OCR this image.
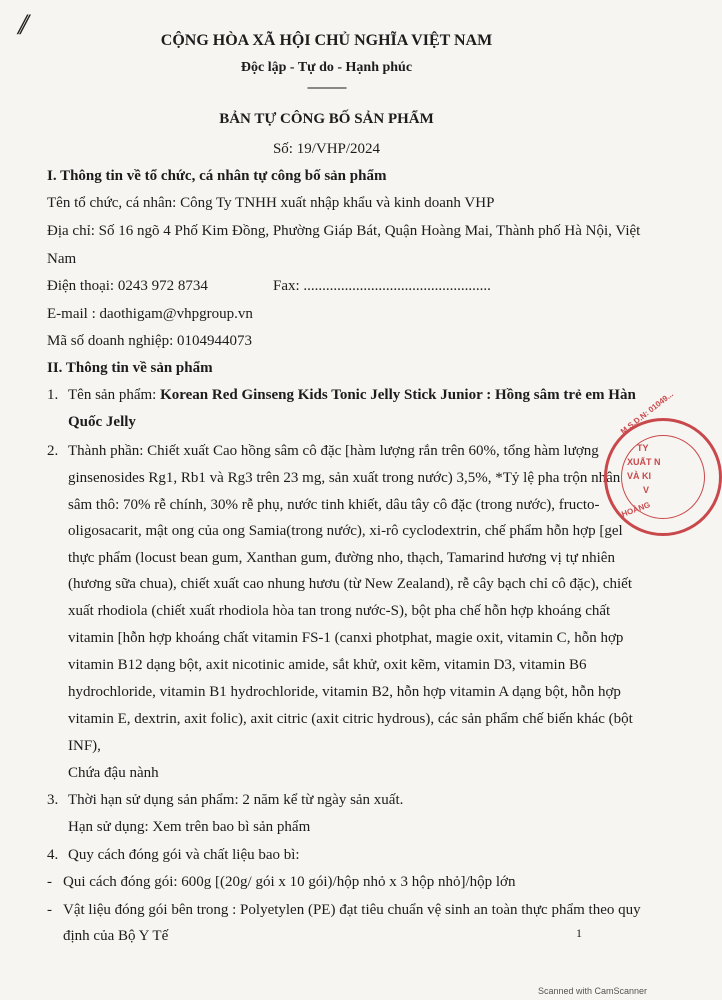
//	CỘNG HÒA XÃ HỘI CHỦ NGHĨA VIỆT NAM
Độc lập - Tự do - Hạnh phúc
-------------
BẢN TỰ CÔNG BỐ SẢN PHẨM
Số: 19/VHP/2024
I. Thông tin về tổ chức, cá nhân tự công bố sản phẩm
Tên tổ chức, cá nhân: Công Ty TNHH xuất nhập khẩu và kinh doanh VHP
Địa chỉ: Số 16 ngõ 4 Phố Kim Đồng, Phường Giáp Bát, Quận Hoàng Mai, Thành phố Hà Nội, Việt
Nam
Điện thoại: 0243 972 8734	Fax: ..................................................
E-mail : daothigam@vhpgroup.vn
Mã số doanh nghiệp: 0104944073
II. Thông tin về sản phẩm
1. Tên sản phẩm: Korean Red Ginseng Kids Tonic Jelly Stick Junior : Hồng sâm trẻ em Hàn
Quốc Jelly
2. Thành phần: Chiết xuất Cao hồng sâm cô đặc [hàm lượng rắn trên 60%, tổng hàm lượng
ginsenosides Rg1, Rb1 và Rg3 trên 23 mg, sản xuất trong nước) 3,5%, *Tỷ lệ pha trộn nhân
sâm thô: 70% rễ chính, 30% rễ phụ, nước tinh khiết, dâu tây cô đặc (trong nước), fructo-
oligosacarit, mật ong của ong Samia(trong nước), xi-rô cyclodextrin, chế phẩm hỗn hợp [gel
thực phẩm (locust bean gum, Xanthan gum, đường nho, thạch, Tamarind hương vị tự nhiên
(hương sữa chua), chiết xuất cao nhung hươu (từ New Zealand), rễ cây bạch chỉ cô đặc), chiết
xuất rhodiola (chiết xuất rhodiola hòa tan trong nước-S), bột pha chế hỗn hợp khoáng chất
vitamin [hỗn hợp khoáng chất vitamin FS-1 (canxi photphat, magie oxit, vitamin C, hỗn hợp
vitamin B12 dạng bột, axit nicotinic amide, sắt khử, oxit kẽm, vitamin D3, vitamin B6
hydrochloride, vitamin B1 hydrochloride, vitamin B2, hỗn hợp vitamin A dạng bột, hỗn hợp
vitamin E, dextrin, axit folic), axit citric (axit citric hydrous), các sản phẩm chế biến khác (bột
INF),
Chứa đậu nành
3. Thời hạn sử dụng sản phẩm: 2 năm kể từ ngày sản xuất.
Hạn sử dụng: Xem trên bao bì sản phẩm
4. Quy cách đóng gói và chất liệu bao bì:
- Qui cách đóng gói: 600g [(20g/ gói x 10 gói)/hộp nhỏ x 3 hộp nhỏ]/hộp lớn
- Vật liệu đóng gói bên trong : Polyetylen (PE) đạt tiêu chuẩn vệ sinh an toàn thực phẩm theo quy
định của Bộ Y Tế	1
M.S.D.N: 01049...
TY
XUẤT N
VÀ KI
V
HOÀNG
Scanned with CamScanner
